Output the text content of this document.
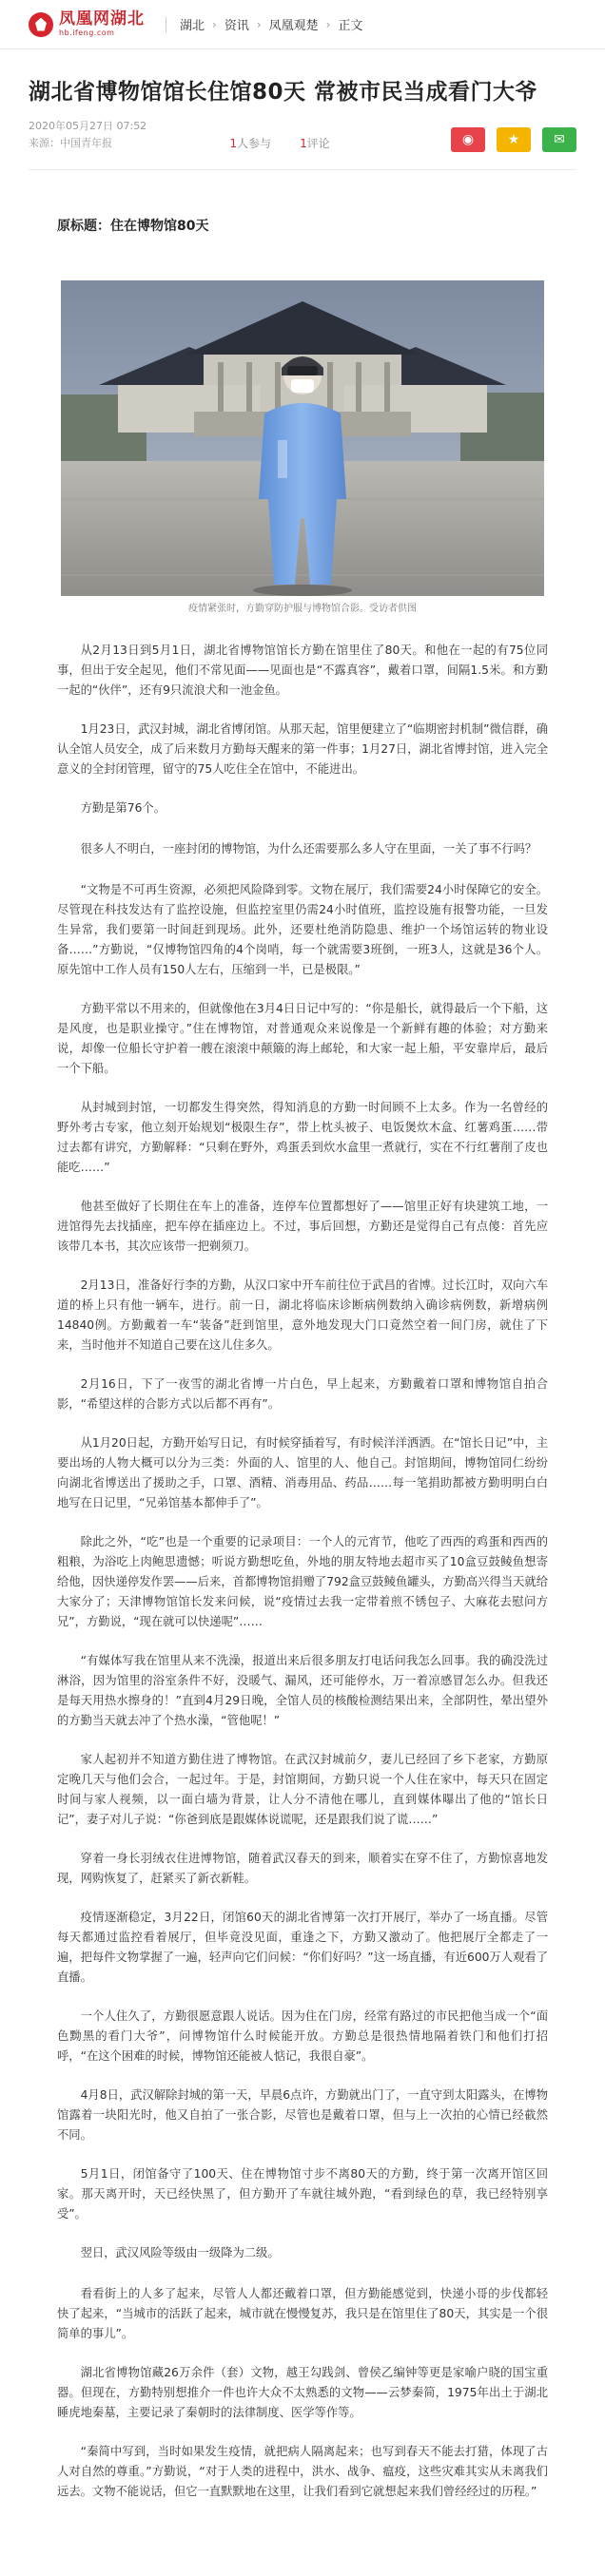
凤凰网湖北
hb.ifeng.com	湖北 › 资讯 › 凤凰观楚 › 正文
湖北省博物馆馆长住馆80天 常被市民当成看门大爷
2020年05月27日 07:52
来源：中国青年报	1人参与	1评论	◉	★	✉
原标题：住在博物馆80天
疫情紧张时，方勤穿防护服与博物馆合影。受访者供图

从2月13日到5月1日，湖北省博物馆馆长方勤在馆里住了80天。和他在一起的有75位同事，但出于安全起见，他们不常见面——见面也是“不露真容”，戴着口罩，间隔1.5米。和方勤一起的“伙伴”，还有9只流浪犬和一池金鱼。

1月23日，武汉封城，湖北省博闭馆。从那天起，馆里便建立了“临期密封机制”微信群，确认全馆人员安全，成了后来数月方勤每天醒来的第一件事；1月27日，湖北省博封馆，进入完全意义的全封闭管理，留守的75人吃住全在馆中，不能进出。

方勤是第76个。

很多人不明白，一座封闭的博物馆，为什么还需要那么多人守在里面，一关了事不行吗？

“文物是不可再生资源，必须把风险降到零。文物在展厅，我们需要24小时保障它的安全。尽管现在科技发达有了监控设施，但监控室里仍需24小时值班，监控设施有报警功能，一旦发生异常，我们要第一时间赶到现场。此外，还要杜绝消防隐患、维护一个场馆运转的物业设备……”方勤说，“仅博物馆四角的4个岗哨，每一个就需要3班倒，一班3人，这就是36个人。原先馆中工作人员有150人左右，压缩到一半，已是极限。”

方勤平常以不用来的，但就像他在3月4日日记中写的：“你是船长，就得最后一个下船，这是风度，也是职业操守。”住在博物馆，对普通观众来说像是一个新鲜有趣的体验；对方勤来说，却像一位船长守护着一艘在滚滚中颠簸的海上邮轮，和大家一起上船，平安靠岸后，最后一个下船。

从封城到封馆，一切都发生得突然，得知消息的方勤一时间顾不上太多。作为一名曾经的野外考古专家，他立刻开始规划“极限生存”，带上枕头被子、电饭煲炊木盒、红薯鸡蛋……带过去都有讲究，方勤解释：“只剩在野外，鸡蛋丢到炊水盒里一煮就行，实在不行红薯削了皮也能吃……”

他甚至做好了长期住在车上的准备，连停车位置都想好了——馆里正好有块建筑工地，一进馆得先去找插座，把车停在插座边上。不过，事后回想，方勤还是觉得自己有点傻：首先应该带几本书，其次应该带一把剃须刀。

2月13日，准备好行李的方勤，从汉口家中开车前往位于武昌的省博。过长江时，双向六车道的桥上只有他一辆车，进行。前一日，湖北将临床诊断病例数纳入确诊病例数，新增病例14840例。方勤戴着一车“装备”赶到馆里，意外地发现大门口竟然空着一间门房，就住了下来，当时他并不知道自己要在这儿住多久。

2月16日，下了一夜雪的湖北省博一片白色，早上起来，方勤戴着口罩和博物馆自拍合影，“希望这样的合影方式以后都不再有”。

从1月20日起，方勤开始写日记，有时候穿插着写，有时候洋洋洒洒。在“馆长日记”中，主要出场的人物大概可以分为三类：外面的人、馆里的人、他自己。封馆期间，博物馆同仁纷纷向湖北省博送出了援助之手，口罩、酒精、消毒用品、药品……每一笔捐助都被方勤明明白白地写在日记里，“兄弟馆基本都伸手了”。

除此之外，“吃”也是一个重要的记录项目：一个人的元宵节，他吃了西西的鸡蛋和西西的粗粮，为浴吃上肉鲍思遗憾；听说方勤想吃鱼，外地的朋友特地去超市买了10盒豆鼓鲮鱼想寄给他，因快递停发作罢——后来，首都博物馆捐赠了792盒豆鼓鲮鱼罐头，方勤高兴得当天就给大家分了；天津博物馆馆长发来问候，说“疫情过去我一定带着煎不锈包子、大麻花去慰问方兄”，方勤说，“现在就可以快递呢”……

“有媒体写我在馆里从来不洗澡，报道出来后很多朋友打电话问我怎么回事。我的确没洗过淋浴，因为馆里的浴室条件不好，没暖气、漏风，还可能停水，万一着凉感冒怎么办。但我还是每天用热水擦身的！”直到4月29日晚，全馆人员的核酸检测结果出来，全部阴性，晕出望外的方勤当天就去冲了个热水澡，“管他呢！”

家人起初并不知道方勤住进了博物馆。在武汉封城前夕，妻儿已经回了乡下老家，方勤原定晚几天与他们会合，一起过年。于是，封馆期间，方勤只说一个人住在家中，每天只在固定时间与家人视频，以一面白墙为背景，让人分不清他在哪儿，直到媒体曝出了他的“馆长日记”，妻子对儿子说：“你爸到底是跟媒体说谎呢，还是跟我们说了谎……”

穿着一身长羽绒衣住进博物馆，随着武汉春天的到来，顺着实在穿不住了，方勤惊喜地发现，网购恢复了，赶紧买了新衣新鞋。

疫情逐渐稳定，3月22日，闭馆60天的湖北省博第一次打开展厅，举办了一场直播。尽管每天都通过监控看着展厅，但毕竟没见面，重逢之下，方勤又激动了。他把展厅全都走了一遍，把每件文物掌握了一遍，轻声向它们问候：“你们好吗？”这一场直播，有近600万人观看了直播。

一个人住久了，方勤很愿意跟人说话。因为住在门房，经常有路过的市民把他当成一个“面色黝黑的看门大爷”，问博物馆什么时候能开放。方勤总是很热情地隔着铁门和他们打招呼，“在这个困难的时候，博物馆还能被人惦记，我很自豪”。

4月8日，武汉解除封城的第一天，早晨6点许，方勤就出门了，一直守到太阳露头，在博物馆露着一块阳光时，他又自拍了一张合影，尽管也是戴着口罩，但与上一次拍的心情已经截然不同。

5月1日，闭馆备守了100天、住在博物馆寸步不离80天的方勤，终于第一次离开馆区回家。那天离开时，天已经快黑了，但方勤开了车就往城外跑，“看到绿色的草，我已经特别享受”。

翌日，武汉风险等级由一级降为二级。

看看街上的人多了起来，尽管人人都还戴着口罩，但方勤能感觉到，快递小哥的步伐都轻快了起来，“当城市的活跃了起来，城市就在慢慢复苏，我只是在馆里住了80天，其实是一个很简单的事儿”。

湖北省博物馆藏26万余件（套）文物，越王勾践剑、曾侯乙编钟等更是家喻户晓的国宝重器。但现在，方勤特别想推介一件也许大众不太熟悉的文物——云梦秦简，1975年出土于湖北睡虎地秦墓，主要记录了秦朝时的法律制度、医学等作等。

“秦简中写到，当时如果发生疫情，就把病人隔离起来；也写到春天不能去打猎，体现了古人对自然的尊重。”方勤说，“对于人类的进程中，洪水、战争、瘟疫，这些灾难其实从未离我们远去。文物不能说话，但它一直默默地在这里，让我们看到它就想起来我们曾经经过的历程。”
